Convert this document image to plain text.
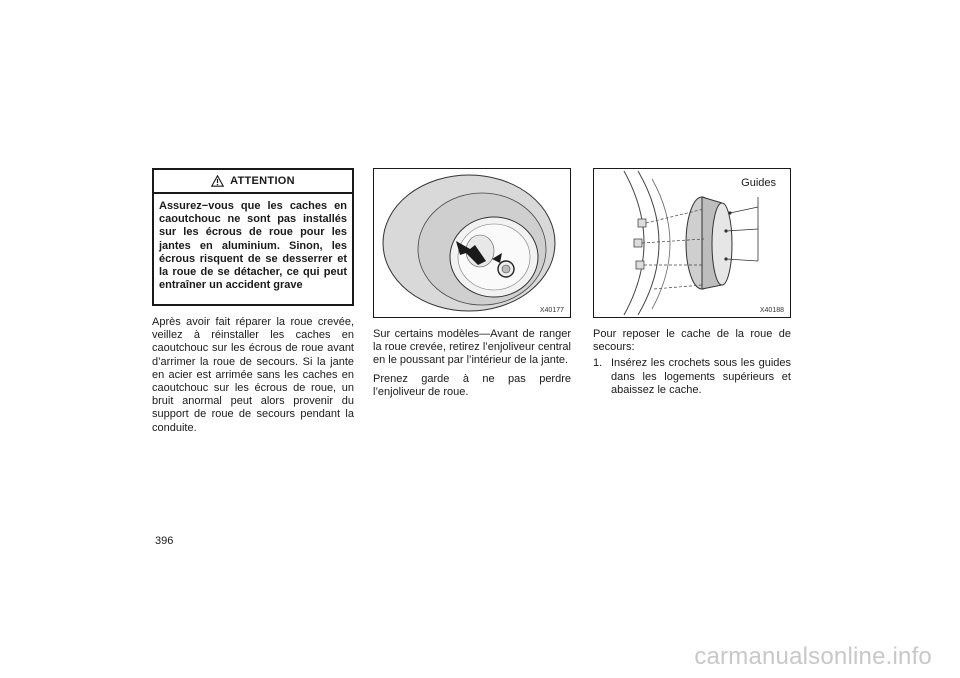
ATTENTION
Assurez−vous que les caches en caoutchouc ne sont pas installés sur les écrous de roue pour les jantes en aluminium. Sinon, les écrous risquent de se desserrer et la roue de se détacher, ce qui peut entraîner un accident grave

Après avoir fait réparer la roue crevée, veillez à réinstaller les caches en caoutchouc sur les écrous de roue avant d’arrimer la roue de secours. Si la jante en acier est arrimée sans les caches en caoutchouc sur les écrous de roue, un bruit anormal peut alors provenir du support de roue de secours pendant la conduite.

X40177

Sur certains modèles—Avant de ranger la roue crevée, retirez l’enjoliveur central en le poussant par l’intérieur de la jante.

Prenez garde à ne pas perdre l’enjoliveur de roue.

Guides
X40188

Pour reposer le cache de la roue de secours:

1. Insérez les crochets sous les guides dans les logements supérieurs et abaissez le cache.
396
carmanualsonline.info
